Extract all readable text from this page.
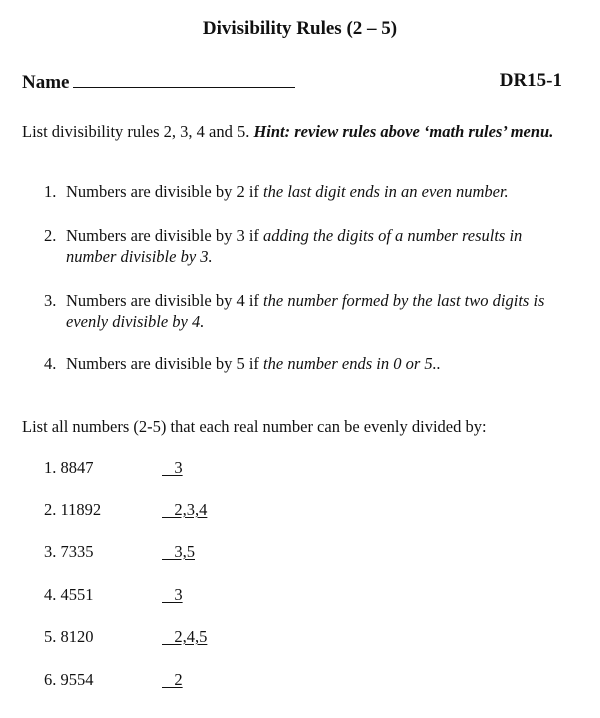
Divisibility Rules (2 – 5)
Name	DR15-1
List divisibility rules 2, 3, 4 and 5. Hint: review rules above ‘math rules’ menu.
1. Numbers are divisible by 2 if the last digit ends in an even number.
2. Numbers are divisible by 3 if adding the digits of a number results in number divisible by 3.
3. Numbers are divisible by 4 if the number formed by the last two digits is evenly divisible by 4.
4. Numbers are divisible by 5 if the number ends in 0 or 5..
List all numbers (2-5) that each real number can be evenly divided by:
1. 8847	3
2. 11892	2,3,4
3. 7335	3,5
4. 4551	3
5. 8120	2,4,5
6. 9554	2
